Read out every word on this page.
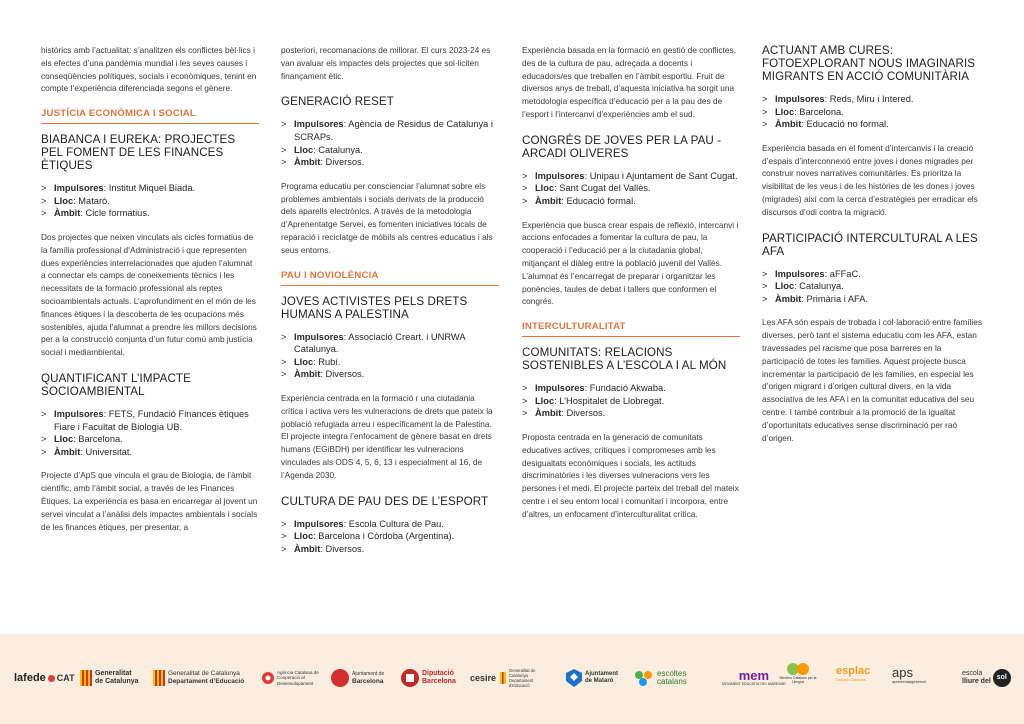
històrics amb l’actualitat: s’analitzen els conflictes bèl·lics i els efectes d’una pandèmia mundial i les seves causes i conseqüències polítiques, socials i econòmiques, tenint en compte l’experiència diferenciada segons el gènere.

JUSTÍCIA ECONÒMICA I SOCIAL
BIABANCA I EUREKA: PROJECTES PEL FOMENT DE LES FINANCES ÈTIQUES
> Impulsores: Institut Miquel Biada.
> Lloc: Mataró.
> Àmbit: Cicle formatius.

Dos projectes que neixen vinculats als cicles formatius de la família professional d’Administració i que representen dues experiències interrelacionades que ajuden l’alumnat a connectar els camps de coneixements tècnics i les necessitats de la formació professional als reptes socioambientals actuals. L’aprofundiment en el món de les finances ètiques i la descoberta de les ocupacions més sostenibles, ajuda l’alumnat a prendre les millors decisions per a la construcció conjunta d’un futur comú amb justícia social i mediambiental.

QUANTIFICANT L’IMPACTE SOCIOAMBIENTAL
> Impulsores: FETS, Fundació Finances ètiques Fiare i Facultat de Biologia UB.
> Lloc: Barcelona.
> Àmbit: Universitat.

Projecte d’ApS que vincula el grau de Biologia, de l’àmbit científic, amb l’àmbit social, a través de les Finances Ètiques. La experiència es basa en encarregar al jovent un servei vinculat a l’anàlisi dels impactes ambientals i socials de les finances ètiques, per presentar, a

posteriori, recomanacions de millorar. El curs 2023-24 es van avaluar els impactes dels projectes que sol·liciten finançament ètic.

GENERACIÓ RESET
> Impulsores: Agència de Residus de Catalunya i SCRAPs.
> Lloc: Catalunya.
> Àmbit: Diversos.

Programa educatiu per conscienciar l’alumnat sobre els problemes ambientals i socials derivats de la producció dels aparells electrònics. A través de la metodologia d’Aprenentatge Servei, es fomenten iniciatives locals de reparació i reciclatge de mòbils als centres educatius i als seus entorns.

PAU I NOVIOLÈNCIA
JOVES ACTIVISTES PELS DRETS HUMANS A PALESTINA
> Impulsores: Associació Creart. i UNRWA Catalunya.
> Lloc: Rubí.
> Àmbit: Diversos.

Experiència centrada en la formació r una ciutadania crítica i activa vers les vulneracions de drets que pateix la població refugiada arreu i específicament la de Palestina. El projecte integra l’enfocament de gènere basat en drets humans (EGiBDH) per identificar les vulneracions vinculades als ODS 4, 5, 6, 13 i especialment al 16, de l’Agenda 2030.

CULTURA DE PAU DES DE L’ESPORT
> Impulsores: Escola Cultura de Pau.
> Lloc: Barcelona i Còrdoba (Argentina).
> Àmbit: Diversos.

Experiència basada en la formació en gestió de conflictes, des de la cultura de pau, adreçada a docents i educadors/es que treballen en l’àmbit esportiu. Fruit de diversos anys de treball, d’aquesta iniciativa ha sorgit una metodologia específica d’educació per a la pau des de l’esport i l’intercanvi d’experiències amb el sud.

CONGRÉS DE JOVES PER LA PAU - ARCADI OLIVERES
> Impulsores: Unipau i Ajuntament de Sant Cugat.
> Lloc: Sant Cugat del Vallès.
> Àmbit: Educació formal.

Experiència que busca crear espais de reflexió, intercanvi i accions enfocades a fomentar la cultura de pau, la cooperació i l’educació per a la ciutadania global, mitjançant el diàleg entre la població juvenil del Vallès. L’alumnat és l’encarregat de preparar i organitzar les ponències, taules de debat i tallers que conformen el congrés.

INTERCULTURALITAT
COMUNITATS: RELACIONS SOSTENIBLES A L’ESCOLA I AL MÓN
> Impulsores: Fundació Akwaba.
> Lloc: L’Hospitalet de Llobregat.
> Àmbit: Diversos.

Proposta centrada en la generació de comunitats educatives actives, crítiques i compromeses amb les desigualtats econòmiques i socials, les actituds discriminatòries i les diverses vulneracions vers les persones i el medi. El projecte parteix del treball del mateix centre i el seu entorn local i comunitari i incorpora, entre d’altres, un enfocament d’interculturalitat crítica.

ACTUANT AMB CURES: FOTOEXPLORANT NOUS IMAGINARIS MIGRANTS EN ACCIÓ COMUNITÀRIA
> Impulsores: Reds, Miru i Intered.
> Lloc: Barcelona.
> Àmbit: Educació no formal.

Experiència basada en el foment d’intercanvis i la creació d’espais d’interconnexió entre joves i dones migrades per construir noves narratives comunitàries. Es prioritza la visibilitat de les veus i de les històries de les dones i joves (migrades) així com la cerca d’estratègies per erradicar els discursos d’odi contra la migració.

PARTICIPACIÓ INTERCULTURAL A LES AFA
> Impulsores: aFFaC.
> Lloc: Catalunya.
> Àmbit: Primària i AFA.

Les AFA són espais de trobada i col·laboració entre famílies diverses, però tant el sistema educatiu com les AFA, estan travessades pel racisme que posa barreres en la participació de totes les famílies. Aquest projecte busca incrementar la participació de les famílies, en especial les d’origen migrant i d’origen cultural divers, en la vida associativa de les AFA i en la comunitat educativa del seu centre. I també contribuir a la promoció de la igualtat d’oportunitats educatives sense discriminació per raó d’origen.

lafede CAT	Generalitat
de Catalunya
Generalitat de Catalunya
Departament d’Educació
Agència Catalana de Cooperació al Desenvolupament
Ajuntament de
Barcelona
Diputació
Barcelona cesire
Generalitat de Catalunya Departament d’Educació
Ajuntament
de Mataró
escoltes
catalans	mem
MOVIMENT EDUCATIU DEL MARESME
Mestres Catalans per la Llengua
esplac
Esplais Catalans aps
aprenentatgeservei
escola
lliure del
sol
